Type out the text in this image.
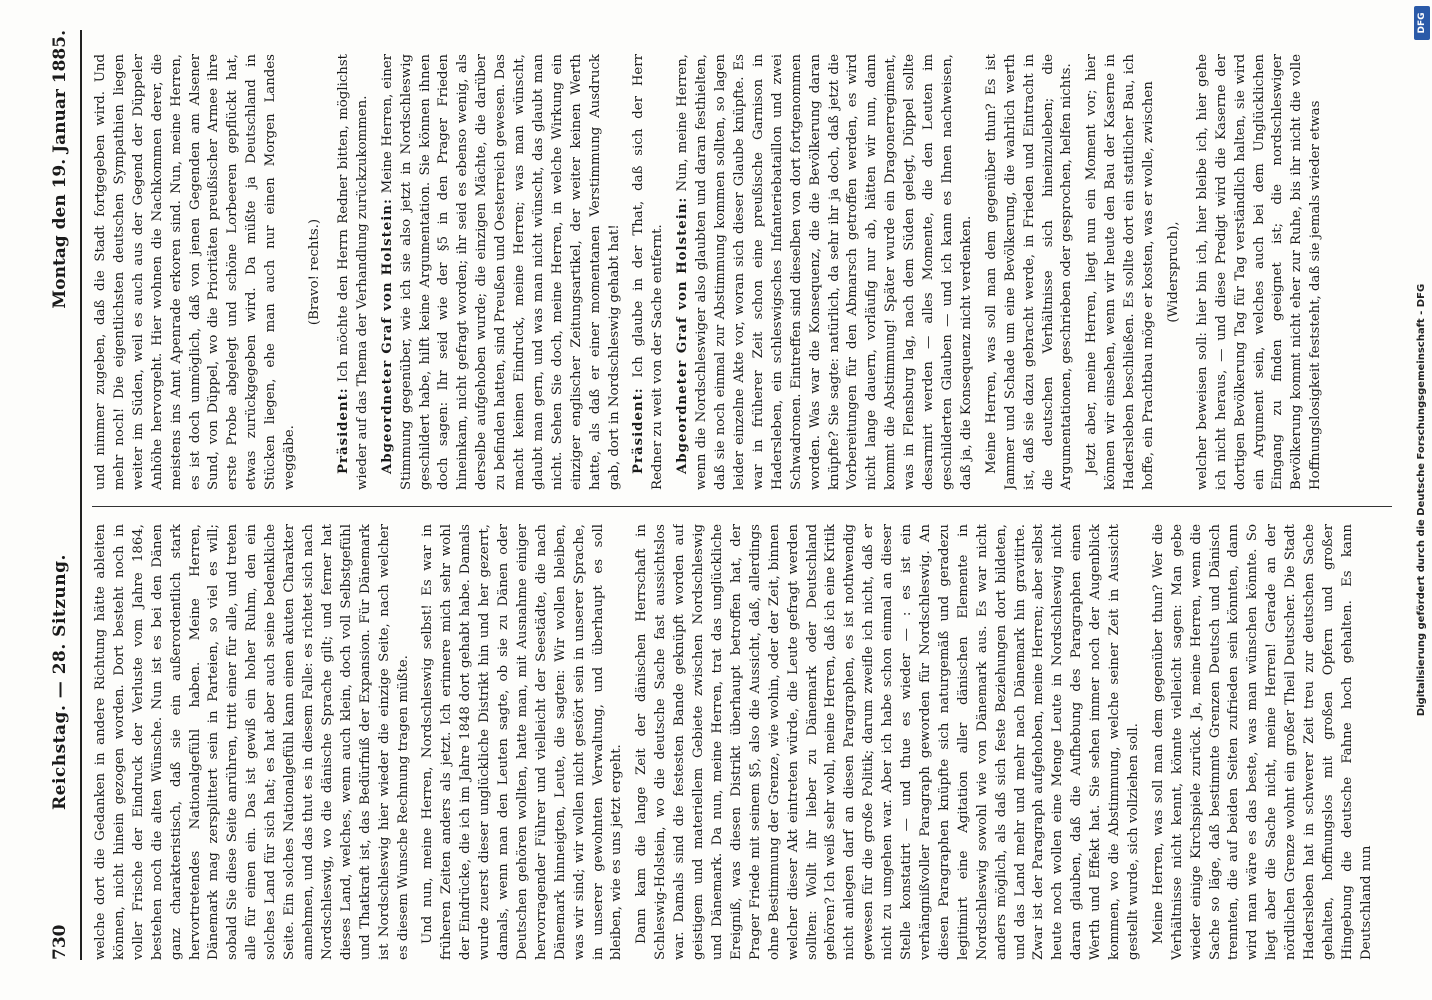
730
Reichstag. — 28. Sitzung.
Montag den 19. Januar 1885.

welche dort die Gedanken in andere Richtung hätte ableiten können, nicht hinein gezogen worden. Dort besteht noch in voller Frische der Eindruck der Verluste vom Jahre 1864, bestehen noch die alten Wünsche. Nun ist es bei den Dänen ganz charakteristisch, daß sie ein außerordentlich stark hervortretendes Nationalgefühl haben. Meine Herren, Dänemark mag zersplittert sein in Parteien, so viel es will; sobald Sie diese Seite anrühren, tritt einer für alle, und treten alle für einen ein. Das ist gewiß ein hoher Ruhm, den ein solches Land für sich hat; es hat aber auch seine bedenkliche Seite. Ein solches Nationalgefühl kann einen akuten Charakter annehmen, und das thut es in diesem Falle: es richtet sich nach Nordschleswig, wo die dänische Sprache gilt; und ferner hat dieses Land, welches, wenn auch klein, doch voll Selbstgefühl und Thatkraft ist, das Bedürfniß der Expansion. Für Dänemark ist Nordschleswig hier wieder die einzige Seite, nach welcher es diesem Wunsche Rechnung tragen müßte. Und nun, meine Herren, Nordschleswig selbst! Es war in früheren Zeiten anders als jetzt. Ich erinnere mich sehr wohl der Eindrücke, die ich im Jahre 1848 dort gehabt habe. Damals wurde zuerst dieser unglückliche Distrikt hin und her gezerrt, damals, wenn man den Leuten sagte, ob sie zu Dänen oder Deutschen gehören wollten, hatte man, mit Ausnahme einiger hervorragender Führer und vielleicht der Seestädte, die nach Dänemark hinneigten, Leute, die sagten: Wir wollen bleiben, was wir sind; wir wollen nicht gestört sein in unserer Sprache, in unserer gewohnten Verwaltung, und überhaupt es soll bleiben, wie es uns jetzt ergeht. Dann kam die lange Zeit der dänischen Herrschaft in Schleswig-Holstein, wo die deutsche Sache fast aussichtslos war. Damals sind die festesten Bande geknüpft worden auf geistigem und materiellem Gebiete zwischen Nordschleswig und Dänemark. Da nun, meine Herren, trat das unglückliche Ereigniß, was diesen Distrikt überhaupt betroffen hat, der Prager Friede mit seinem §5, also die Aussicht, daß, allerdings ohne Bestimmung der Grenze, wie wohin, oder der Zeit, binnen welcher dieser Akt eintreten würde, die Leute gefragt werden sollten: Wollt ihr lieber zu Dänemark oder Deutschland gehören? Ich weiß sehr wohl, meine Herren, daß ich eine Kritik nicht anlegen darf an diesen Paragraphen, es ist nothwendig gewesen für die große Politik; darum zweifle ich nicht, daß er nicht zu umgehen war. Aber ich habe schon einmal an dieser Stelle konstatirt — und thue es wieder — : es ist ein verhängnißvoller Paragraph geworden für Nordschleswig. An diesen Paragraphen knüpfte sich naturgemäß und geradezu legitimirt eine Agitation aller dänischen Elemente in Nordschleswig sowohl wie von Dänemark aus. Es war nicht anders möglich, als daß sich feste Beziehungen dort bildeten, und das Land mehr und mehr nach Dänemark hin gravitirte. Zwar ist der Paragraph aufgehoben, meine Herren; aber selbst heute noch wollen eine Menge Leute in Nordschleswig nicht daran glauben, daß die Aufhebung des Paragraphen einen Werth und Effekt hat. Sie sehen immer noch der Augenblick kommen, wo die Abstimmung, welche seiner Zeit in Aussicht gestellt wurde, sich vollziehen soll. Meine Herren, was soll man dem gegenüber thun? Wer die Verhältnisse nicht kennt, könnte vielleicht sagen: Man gebe wieder einige Kirchspiele zurück. Ja, meine Herren, wenn die Sache so läge, daß bestimmte Grenzen Deutsch und Dänisch trennten, die auf beiden Seiten zufrieden sein könnten, dann wird man wäre es das beste, was man wünschen könnte. So liegt aber die Sache nicht, meine Herren! Gerade an der nördlichen Grenze wohnt ein großer Theil Deutscher. Die Stadt Hadersleben hat in schwerer Zeit treu zur deutschen Sache gehalten, hoffnungslos mit großen Opfern und großer Hingebung die deutsche Fahne hoch gehalten. Es kann Deutschland nun

und nimmer zugeben, daß die Stadt fortgegeben wird. Und mehr noch! Die eigentlichsten deutschen Sympathien liegen weiter im Süden, weil es auch aus der Gegend der Düppeler Anhöhe hervorgeht. Hier wohnen die Nachkommen derer, die meistens ins Amt Apenrade erkoren sind. Nun, meine Herren, es ist doch unmöglich, daß von jenen Gegenden am Alsener Sund, von Düppel, wo die Prioritäten preußischer Armee ihre erste Probe abgelegt und schöne Lorbeeren gepflückt hat, etwas zurückgegeben wird. Da müßte ja Deutschland in Stücken liegen, ehe man auch nur einen Morgen Landes weggäbe.

(Bravo! rechts.)

Präsident: Ich möchte den Herrn Redner bitten, möglichst wieder auf das Thema der Verhandlung zurückzukommen. Abgeordneter Graf von Holstein: Meine Herren, einer Stimmung gegenüber, wie ich sie also jetzt in Nordschleswig geschildert habe, hilft keine Argumentation. Sie können ihnen doch sagen: Ihr seid wie der §5 in den Prager Frieden hineinkam, nicht gefragt worden; ihr seid es ebenso wenig, als derselbe aufgehoben wurde; die einzigen Mächte, die darüber zu befinden hatten, sind Preußen und Oesterreich gewesen. Das macht keinen Eindruck, meine Herren; was man wünscht, glaubt man gern, und was man nicht wünscht, das glaubt man nicht. Sehen Sie doch, meine Herren, in welche Wirkung ein einziger englischer Zeitungsartikel, der weiter keinen Werth hatte, als daß er einer momentanen Verstimmung Ausdruck gab, dort in Nordschleswig gehabt hat! Präsident: Ich glaube in der That, daß sich der Herr Redner zu weit von der Sache entfernt. Abgeordneter Graf von Holstein: Nun, meine Herren, wenn die Nordschleswiger also glaubten und daran festhielten, daß sie noch einmal zur Abstimmung kommen sollten, so lagen leider einzelne Akte vor, woran sich dieser Glaube knüpfte. Es war in früherer Zeit schon eine preußische Garnison in Hadersleben, ein schleswigsches Infanteriebataillon und zwei Schwadronen. Eintreffen sind dieselben von dort fortgenommen worden. Was war die Konsequenz, die die Bevölkerung daran knüpfte? Sie sagte: natürlich, da sehr ihr ja doch, daß jetzt die Vorbereitungen für den Abmarsch getroffen werden, es wird nicht lange dauern, vorläufig nur ab, hätten wir nun, dann kommt die Abstimmung! Später wurde ein Dragonerregiment, was in Flensburg lag, nach dem Süden gelegt, Düppel sollte desarmirt werden — alles Momente, die den Leuten im geschilderten Glauben — und ich kann es Ihnen nachweisen, daß ja, die Konsequenz nicht verdenken. Meine Herren, was soll man dem gegenüber thun? Es ist Jammer und Schade um eine Bevölkerung, die wahrlich werth ist, daß sie dazu gebracht werde, in Frieden und Eintracht in die deutschen Verhältnisse sich hineinzuleben; die Argumentationen, geschrieben oder gesprochen, helfen nichts. Jetzt aber, meine Herren, liegt nun ein Moment vor; hier können wir einsehen, wenn wir heute den Bau der Kaserne in Hadersleben beschließen. Es sollte dort ein stattlicher Bau, ich hoffe, ein Prachtbau möge er kosten, was er wolle, zwischen (Widerspruch), welcher beweisen soll: hier bin ich, hier bleibe ich, hier gehe ich nicht heraus, — und diese Predigt wird die Kaserne der dortigen Bevölkerung Tag für Tag verständlich halten, sie wird ein Argument sein, welches auch bei dem Unglücklichen Eingang zu finden geeignet ist; die nordschleswiger Bevölkerung kommt nicht eher zur Ruhe, bis ihr nicht die volle Hoffnungslosigkeit feststeht, daß sie jemals wieder etwas

DFG
Digitalisierung gefördert durch die Deutsche Forschungsgemeinschaft - DFG
